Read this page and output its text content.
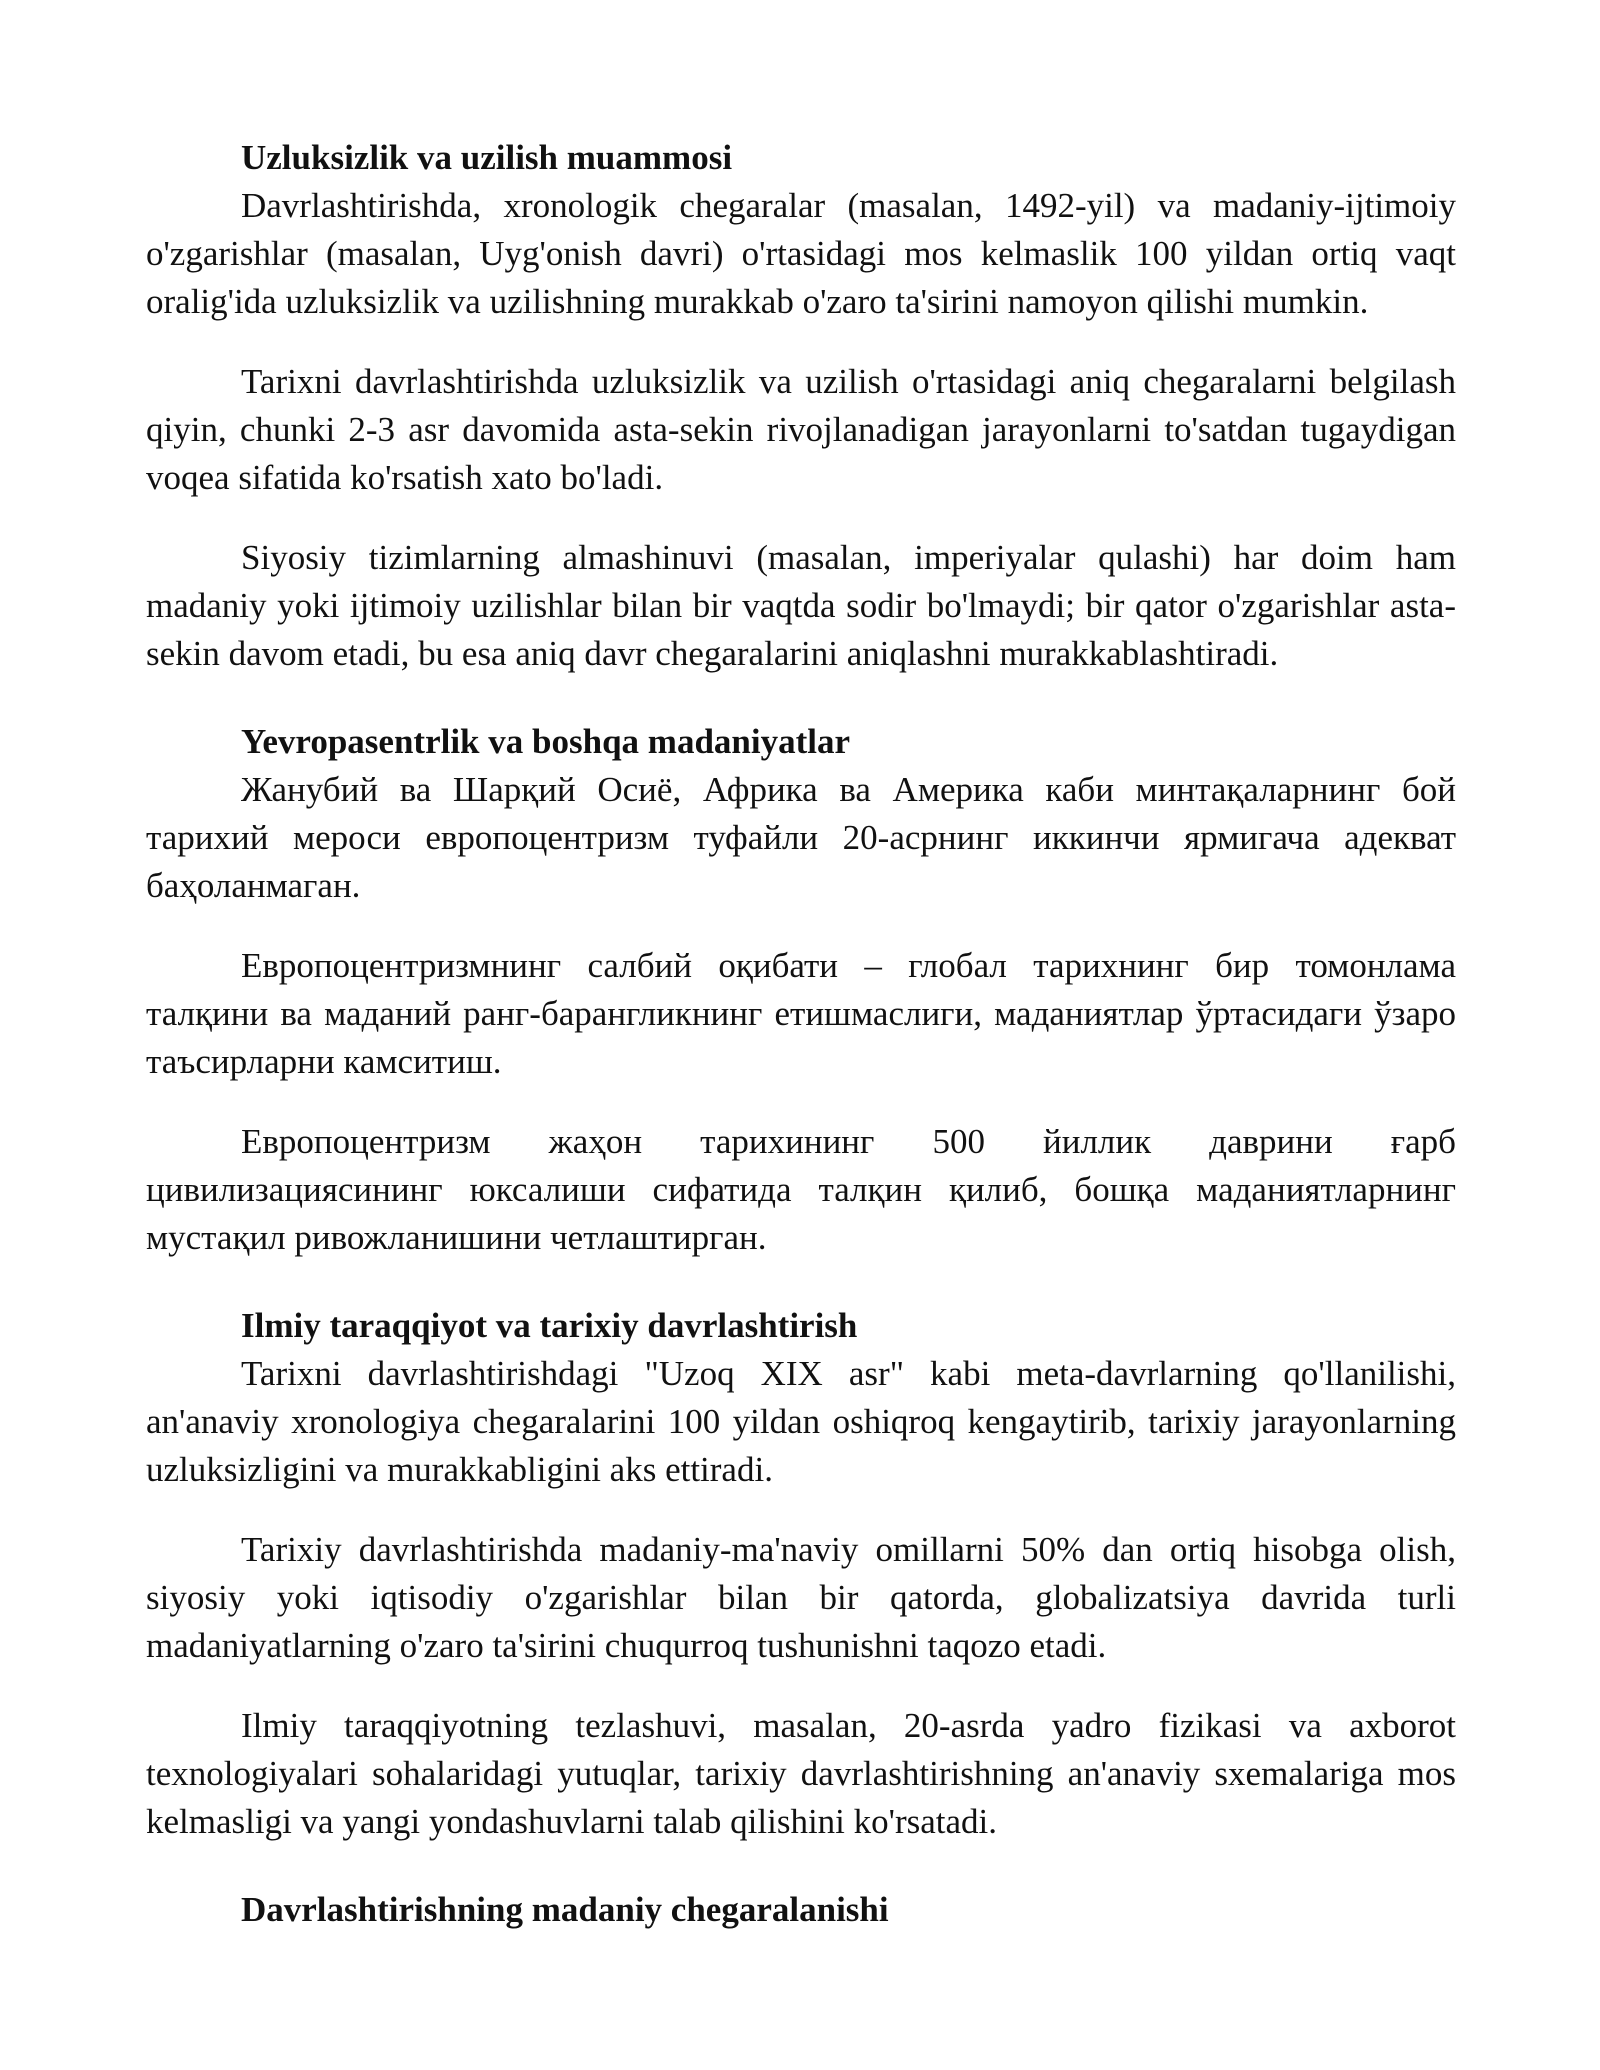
Uzluksizlik va uzilish muammosi

Davrlashtirishda, xronologik chegaralar (masalan, 1492-yil) va madaniy-ijtimoiy o'zgarishlar (masalan, Uyg'onish davri) o'rtasidagi mos kelmaslik 100 yildan ortiq vaqt oralig'ida uzluksizlik va uzilishning murakkab o'zaro ta'sirini namoyon qilishi mumkin.

Tarixni davrlashtirishda uzluksizlik va uzilish o'rtasidagi aniq chegaralarni belgilash qiyin, chunki 2-3 asr davomida asta-sekin rivojlanadigan jarayonlarni to'satdan tugaydigan voqea sifatida ko'rsatish xato bo'ladi.

Siyosiy tizimlarning almashinuvi (masalan, imperiyalar qulashi) har doim ham madaniy yoki ijtimoiy uzilishlar bilan bir vaqtda sodir bo'lmaydi; bir qator o'zgarishlar asta-sekin davom etadi, bu esa aniq davr chegaralarini aniqlashni murakkablashtiradi.

Yevropasentrlik va boshqa madaniyatlar

Жанубий ва Шарқий Осиё, Африка ва Америка каби минтақаларнинг бой тарихий мероси европоцентризм туфайли 20-асрнинг иккинчи ярмигача адекват баҳоланмаган.

Европоцентризмнинг салбий оқибати – глобал тарихнинг бир томонлама талқини ва маданий ранг-барангликнинг етишмаслиги, маданиятлар ўртасидаги ўзаро таъсирларни камситиш.

Европоцентризм жаҳон тарихининг 500 йиллик даврини ғарб цивилизациясининг юксалиши сифатида талқин қилиб, бошқа маданиятларнинг мустақил ривожланишини четлаштирган.

Ilmiy taraqqiyot va tarixiy davrlashtirish

Tarixni davrlashtirishdagi "Uzoq XIX asr" kabi meta-davrlarning qo'llanilishi, an'anaviy xronologiya chegaralarini 100 yildan oshiqroq kengaytirib, tarixiy jarayonlarning uzluksizligini va murakkabligini aks ettiradi.

Tarixiy davrlashtirishda madaniy-ma'naviy omillarni 50% dan ortiq hisobga olish, siyosiy yoki iqtisodiy o'zgarishlar bilan bir qatorda, globalizatsiya davrida turli madaniyatlarning o'zaro ta'sirini chuqurroq tushunishni taqozo etadi.

Ilmiy taraqqiyotning tezlashuvi, masalan, 20-asrda yadro fizikasi va axborot texnologiyalari sohalaridagi yutuqlar, tarixiy davrlashtirishning an'anaviy sxemalariga mos kelmasligi va yangi yondashuvlarni talab qilishini ko'rsatadi.

Davrlashtirishning madaniy chegaralanishi
